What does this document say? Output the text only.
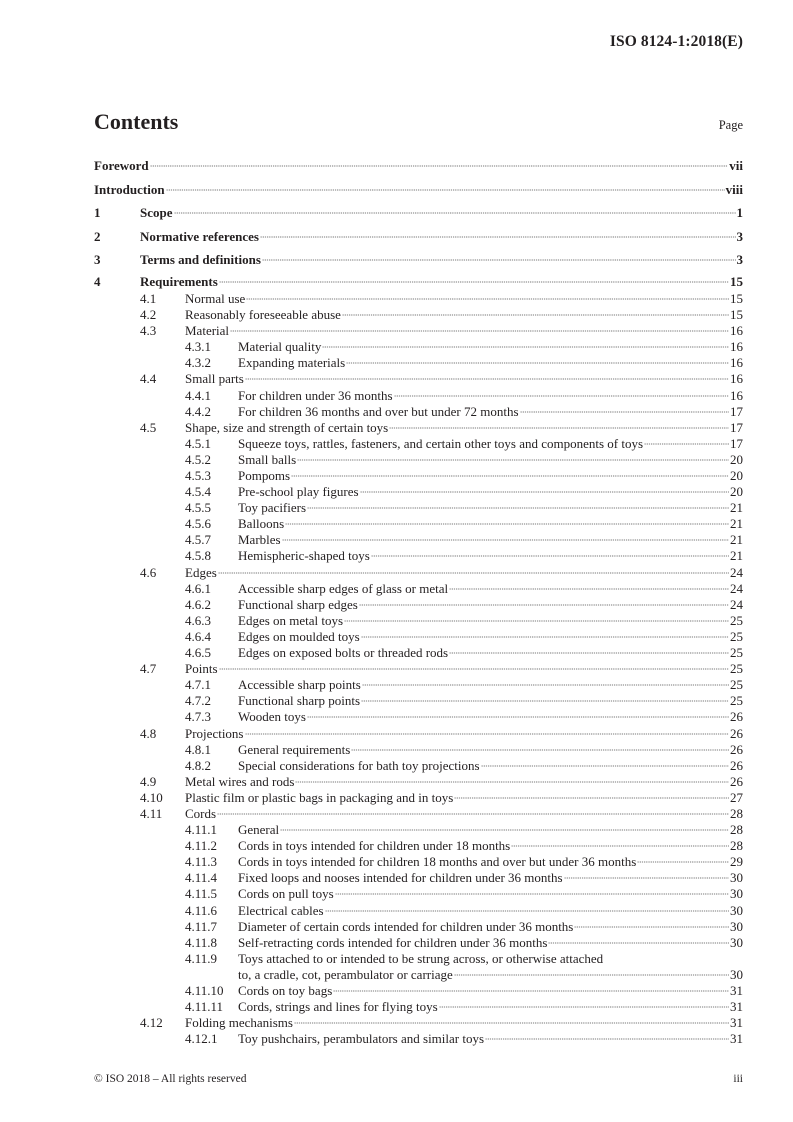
ISO 8124-1:2018(E)
Contents	Page
Foreword	vii
Introduction	viii
1	Scope	1
2	Normative references	3
3	Terms and definitions	3
4	Requirements	15
4.1	Normal use	15
4.2	Reasonably foreseeable abuse	15
4.3	Material	16
4.3.1	Material quality	16
4.3.2	Expanding materials	16
4.4	Small parts	16
4.4.1	For children under 36 months	16
4.4.2	For children 36 months and over but under 72 months	17
4.5	Shape, size and strength of certain toys	17
4.5.1	Squeeze toys, rattles, fasteners, and certain other toys and components of toys	17
4.5.2	Small balls	20
4.5.3	Pompoms	20
4.5.4	Pre-school play figures	20
4.5.5	Toy pacifiers	21
4.5.6	Balloons	21
4.5.7	Marbles	21
4.5.8	Hemispheric-shaped toys	21
4.6	Edges	24
4.6.1	Accessible sharp edges of glass or metal	24
4.6.2	Functional sharp edges	24
4.6.3	Edges on metal toys	25
4.6.4	Edges on moulded toys	25
4.6.5	Edges on exposed bolts or threaded rods	25
4.7	Points	25
4.7.1	Accessible sharp points	25
4.7.2	Functional sharp points	25
4.7.3	Wooden toys	26
4.8	Projections	26
4.8.1	General requirements	26
4.8.2	Special considerations for bath toy projections	26
4.9	Metal wires and rods	26
4.10	Plastic film or plastic bags in packaging and in toys	27
4.11	Cords	28
4.11.1	General	28
4.11.2	Cords in toys intended for children under 18 months	28
4.11.3	Cords in toys intended for children 18 months and over but under 36 months	29
4.11.4	Fixed loops and nooses intended for children under 36 months	30
4.11.5	Cords on pull toys	30
4.11.6	Electrical cables	30
4.11.7	Diameter of certain cords intended for children under 36 months	30
4.11.8	Self-retracting cords intended for children under 36 months	30
4.11.9	Toys attached to or intended to be strung across, or otherwise attached
to, a cradle, cot, perambulator or carriage	30
4.11.10	Cords on toy bags	31
4.11.11	Cords, strings and lines for flying toys	31
4.12	Folding mechanisms	31
4.12.1	Toy pushchairs, perambulators and similar toys	31
© ISO 2018 – All rights reserved	iii
